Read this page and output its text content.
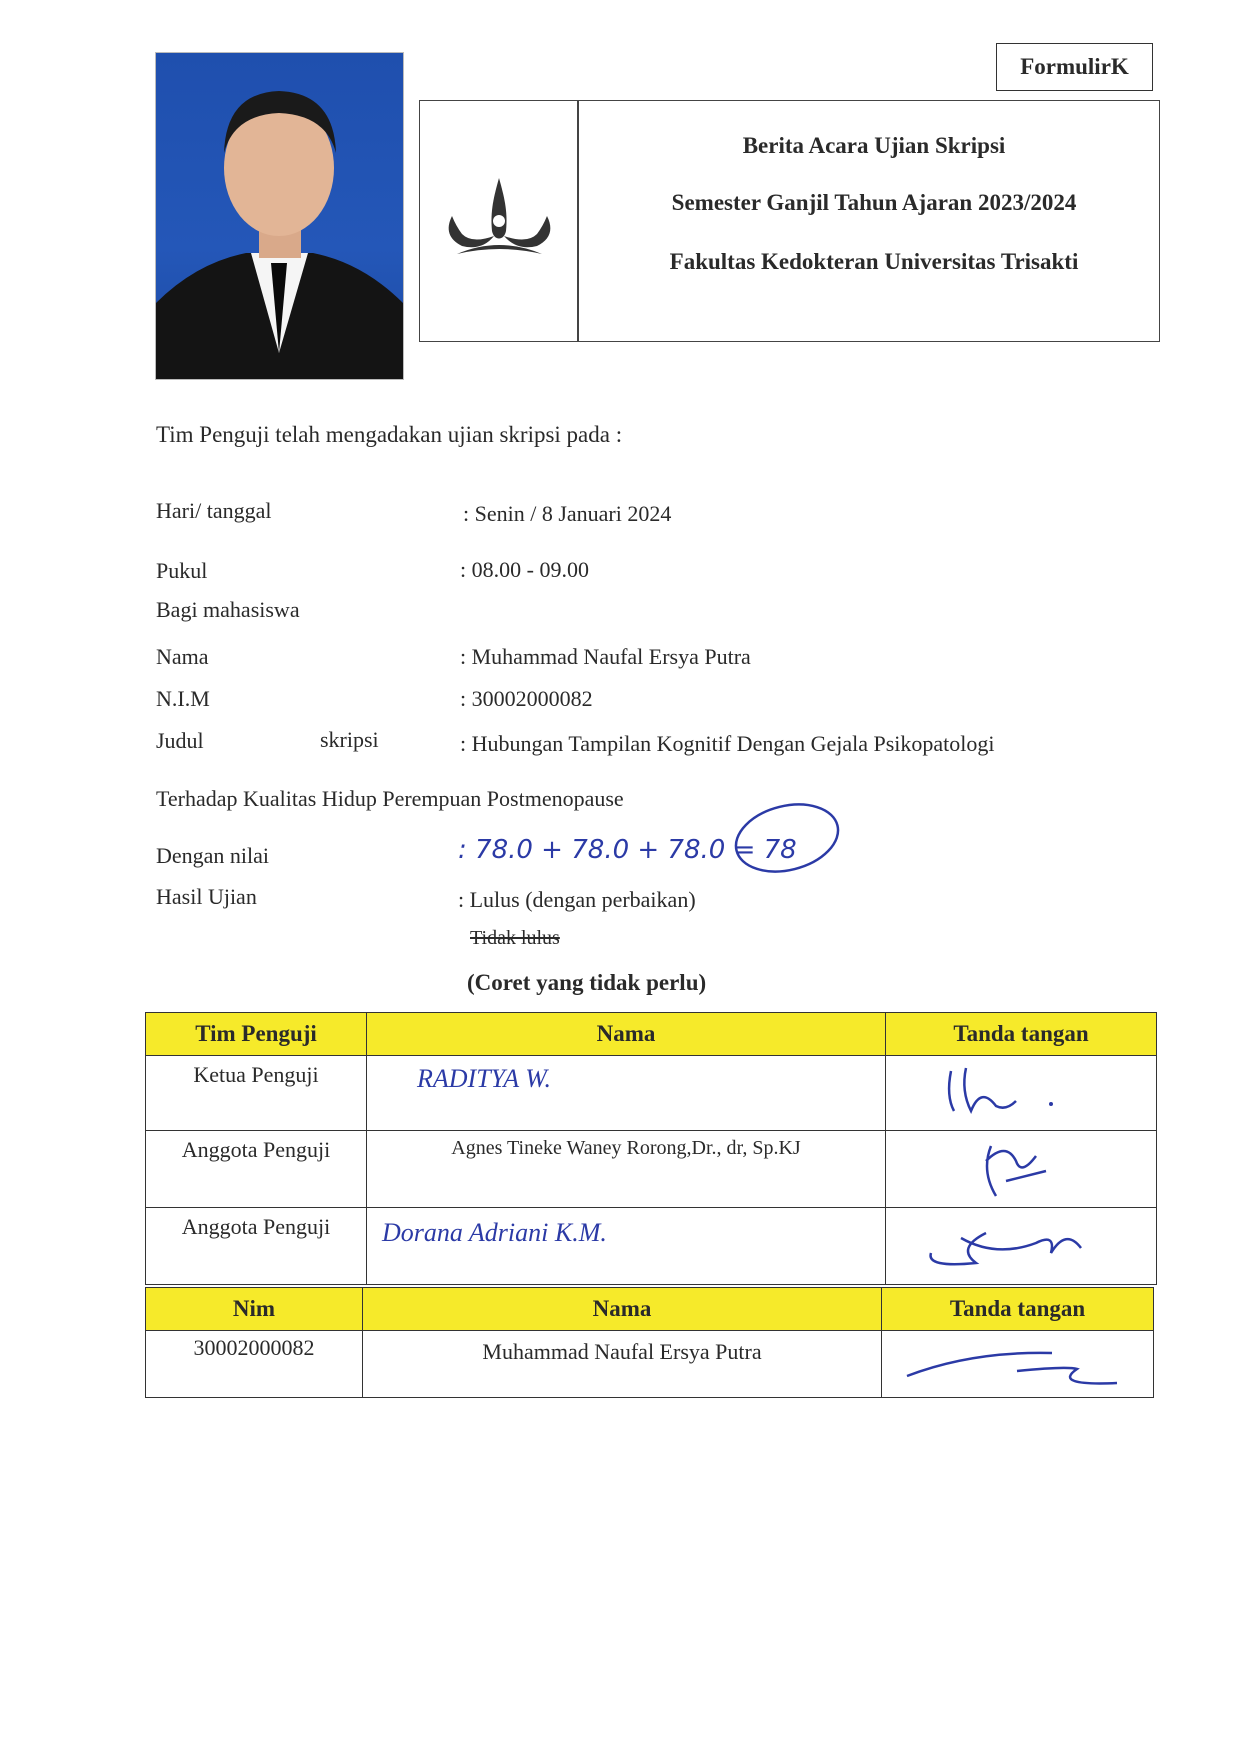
FormulirK
Berita Acara Ujian Skripsi
Semester Ganjil Tahun Ajaran 2023/2024
Fakultas Kedokteran Universitas Trisakti
Tim Penguji telah mengadakan ujian skripsi pada :
Hari/ tanggal	: Senin / 8 Januari 2024
Pukul	: 08.00 - 09.00
Bagi mahasiswa
Nama	: Muhammad Naufal Ersya Putra
N.I.M	: 30002000082
Judul	skripsi	: Hubungan Tampilan Kognitif Dengan Gejala Psikopatologi
Terhadap Kualitas Hidup Perempuan Postmenopause
Dengan nilai	: 78.0 + 78.0 + 78.0 = 78
Hasil Ujian	: Lulus (dengan perbaikan)
Tidak lulus
(Coret yang tidak perlu)
Tim Penguji	Nama	Tanda tangan
Ketua Penguji	RADITYA W.	
Anggota Penguji	Agnes Tineke Waney Rorong,Dr., dr, Sp.KJ	
Anggota Penguji	Dorana Adriani K.M.	
Nim	Nama	Tanda tangan
30002000082	Muhammad Naufal Ersya Putra	
